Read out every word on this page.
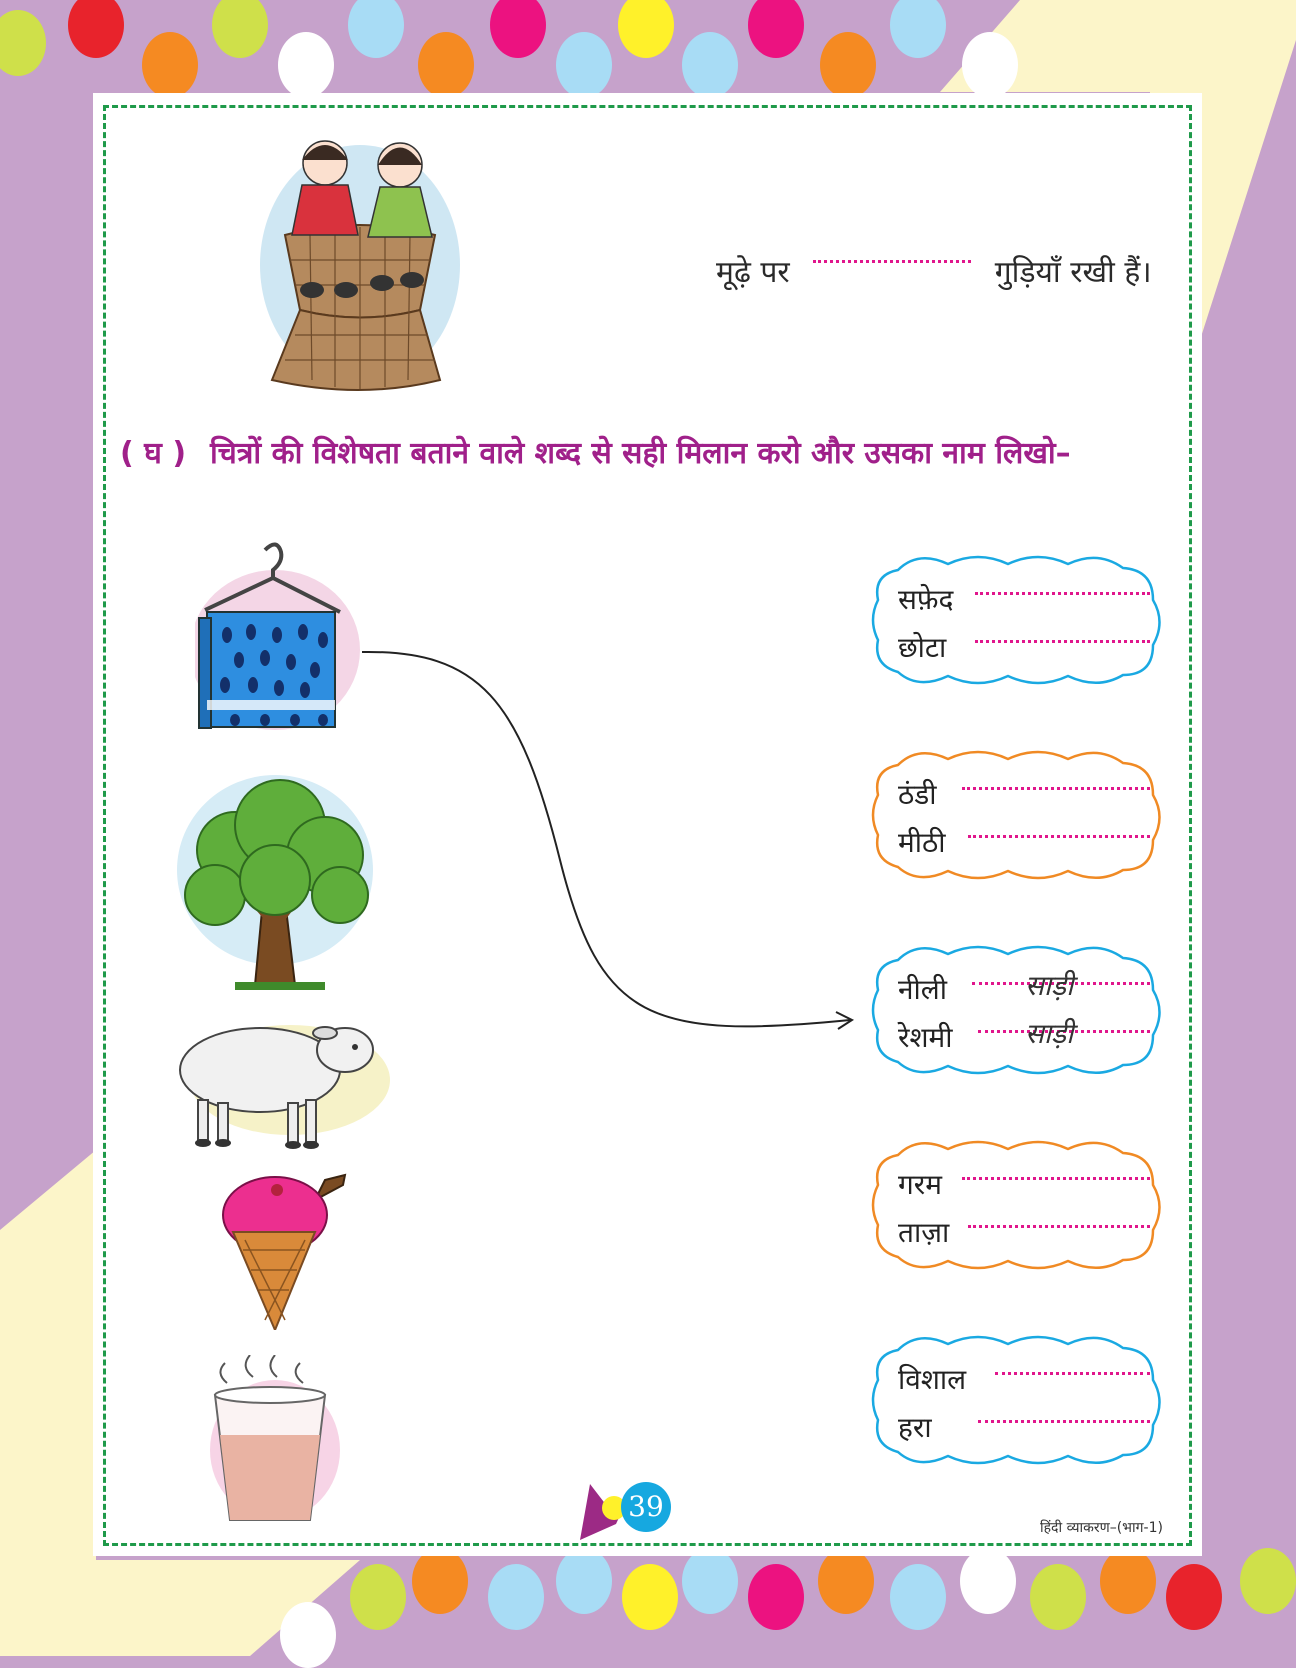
मूढ़े पर	गुड़ियाँ रखी हैं।
( घ ) चित्रों की विशेषता बताने वाले शब्द से सही मिलान करो और उसका नाम लिखो–
सफ़ेद
छोटा
ठंडी
मीठी
नीली	साड़ी
रेशमी	साड़ी
गरम
ताज़ा
विशाल
हरा
39
हिंदी व्याकरण–(भाग-1)
